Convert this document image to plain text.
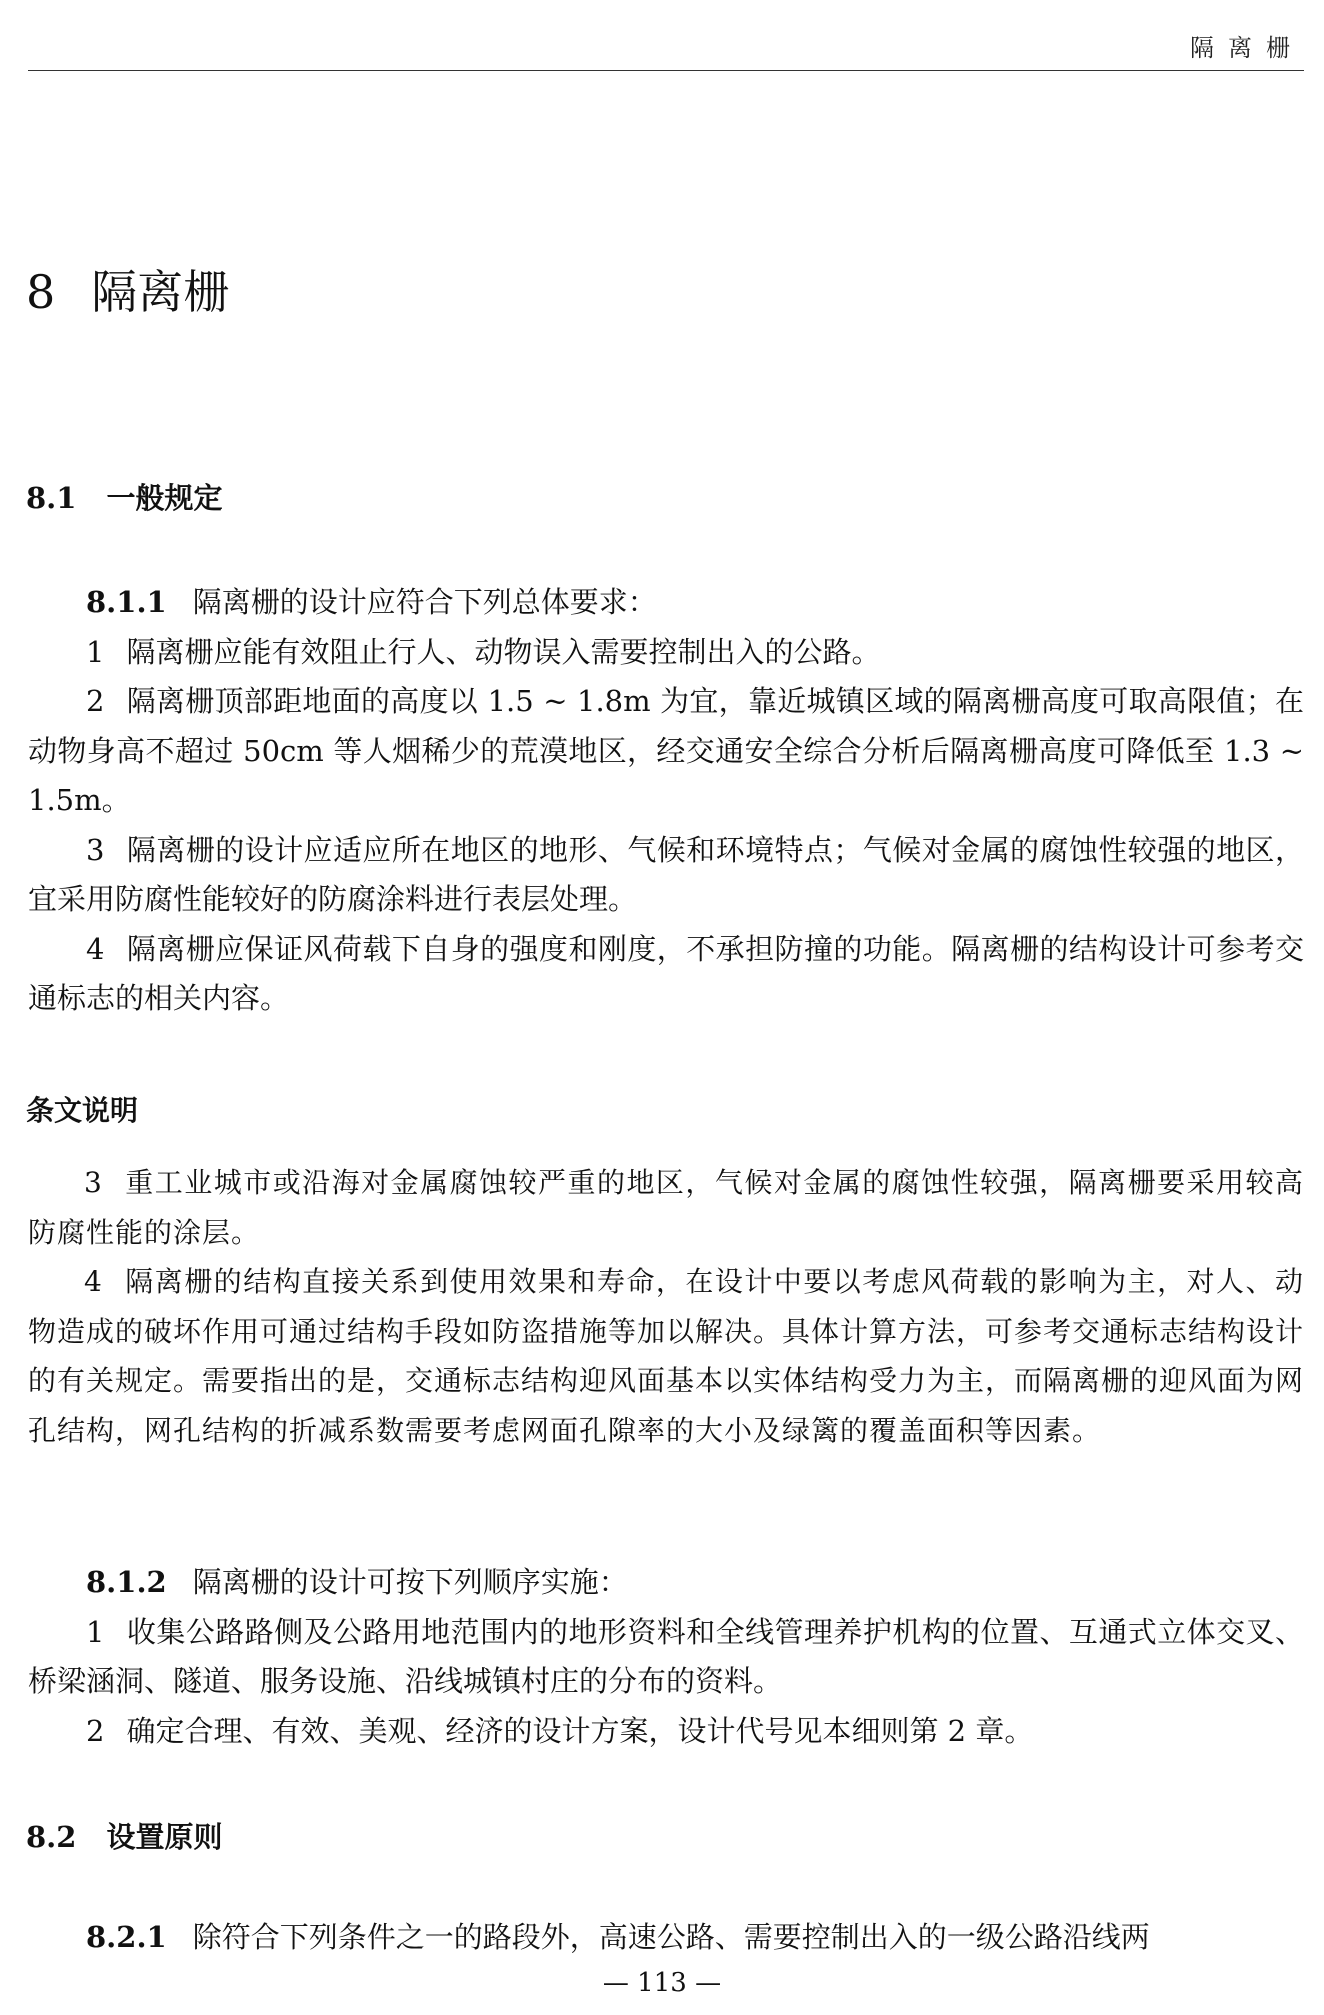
隔离栅
8 隔离栅
8.1 一般规定

8.1.1 隔离栅的设计应符合下列总体要求：

1 隔离栅应能有效阻止行人、动物误入需要控制出入的公路。

2 隔离栅顶部距地面的高度以 1.5 ~ 1.8m 为宜，靠近城镇区域的隔离栅高度可取高限值；在动物身高不超过 50cm 等人烟稀少的荒漠地区，经交通安全综合分析后隔离栅高度可降低至 1.3 ~ 1.5m。

3 隔离栅的设计应适应所在地区的地形、气候和环境特点；气候对金属的腐蚀性较强的地区，宜采用防腐性能较好的防腐涂料进行表层处理。

4 隔离栅应保证风荷载下自身的强度和刚度，不承担防撞的功能。隔离栅的结构设计可参考交通标志的相关内容。

条文说明

3 重工业城市或沿海对金属腐蚀较严重的地区，气候对金属的腐蚀性较强，隔离栅要采用较高防腐性能的涂层。

4 隔离栅的结构直接关系到使用效果和寿命，在设计中要以考虑风荷载的影响为主，对人、动物造成的破坏作用可通过结构手段如防盗措施等加以解决。具体计算方法，可参考交通标志结构设计的有关规定。需要指出的是，交通标志结构迎风面基本以实体结构受力为主，而隔离栅的迎风面为网孔结构，网孔结构的折减系数需要考虑网面孔隙率的大小及绿篱的覆盖面积等因素。

8.1.2 隔离栅的设计可按下列顺序实施：

1 收集公路路侧及公路用地范围内的地形资料和全线管理养护机构的位置、互通式立体交叉、桥梁涵洞、隧道、服务设施、沿线城镇村庄的分布的资料。

2 确定合理、有效、美观、经济的设计方案，设计代号见本细则第 2 章。

8.2 设置原则

8.2.1 除符合下列条件之一的路段外，高速公路、需要控制出入的一级公路沿线两

— 113 —
